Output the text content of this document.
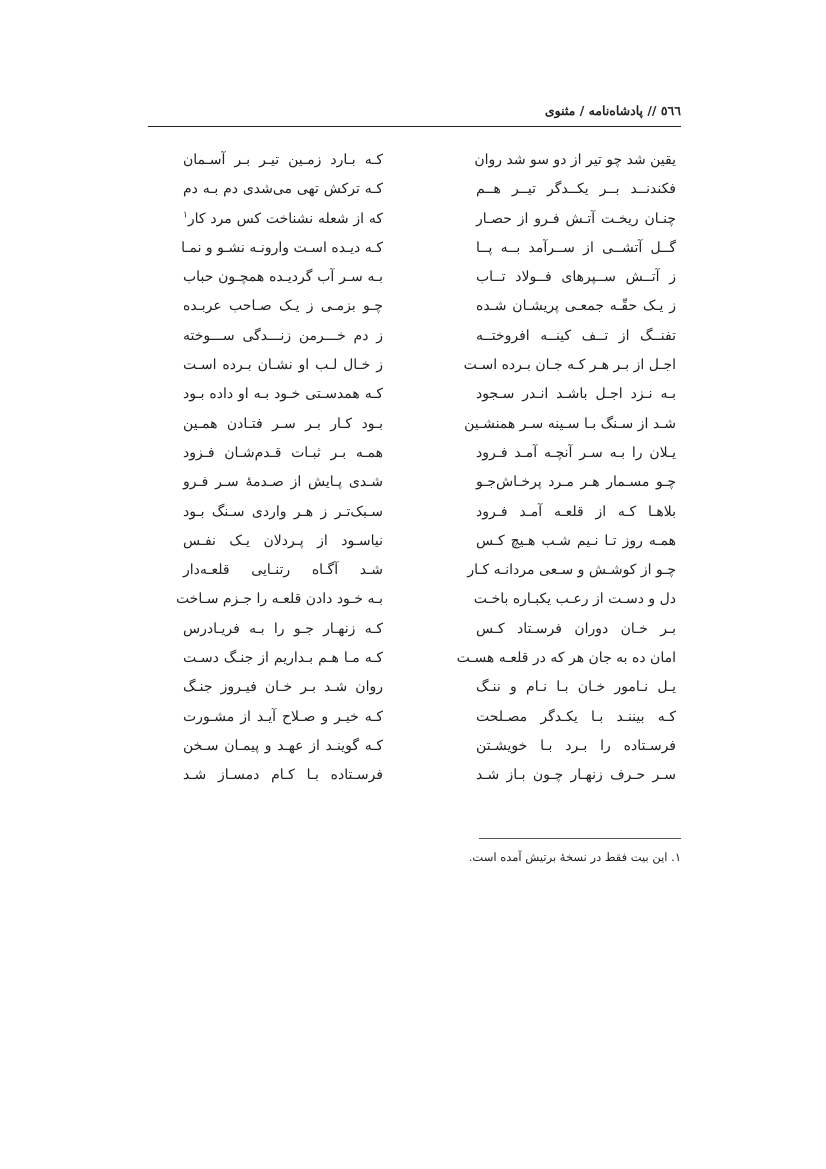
٥٦٦ // پادشاه‌نامه / مثنوی
یقین شد چو تیر از دو سو شد روان
کـه بـارد زمـین تیـر بـر آسـمان
فکندنــد بــر یکــدگر تیــر هــم
کـه ترکش تهی می‌شدی دم بـه دم
چنـان ریخـت آتـش فـرو از حصـار
که از شعله نشناخت کس مرد کار$^۱$
گــل آتشــی از ســرآمد بــه پــا
کـه دیـده اسـت وارونـه نشـو و نمـا
ز آتــش ســپرهای فــولاد تــاب
بـه سـر آب گردیـده همچـون حباب
ز یـک حقّـه جمعـی پریشـان شـده
چـو بزمـی ز یـک صـاحب عربـده
تفنــگ از تــف کینــه افروختــه
ز دم خـــرمن زنـــدگی ســـوخته
اجـل از بـر هـر کـه جـان بـرده اسـت
ز خـال لـب او نشـان بـرده اسـت
بـه نـزد اجـل باشـد انـدر سـجود
کـه همدسـتی خـود بـه او داده بـود
شـد از سـنگ بـا سـینه سـر همنشـین
بـود کـار بـر سـر فتـادن همـین
یـلان را بـه سـر آنچـه آمـد فـرود
همـه بـر ثبـات قـدم‌شـان فـزود
چـو مسـمار هـر مـرد پرخـاش‌جـو
شـدی پـایش از صـدمهٔ سـر فـرو
بلاهـا کـه از قلعـه آمـد فـرود
سـبک‌تـر ز هـر واردی سـنگ بـود
همـه روز تـا نـیم شـب هـیچ کـس
نیاسـود از پـردلان یـک نفـس
چـو از کوشـش و سـعی مردانـه کـار
شـد آگـاه رتنـایی قلعـه‌دار
دل و دسـت از رعـب یکبـاره باخـت
بـه خـود دادن قلعـه را جـزم سـاخت
بـر خـان دوران فرسـتاد کـس
کـه زنهـار جـو را بـه فریـادرس
امان ده به جان هر که در قلعـه هسـت
کـه مـا هـم بـداریم از جنـگ دسـت
یـل نـامور خـان بـا نـام و ننـگ
روان شـد بـر خـان فیـروز جنـگ
کـه بیننـد بـا یکـدگر مصـلحت
کـه خیـر و صـلاح آیـد از مشـورت
فرسـتاده را بـرد بـا خویشـتن
کـه گوینـد از عهـد و پیمـان سـخن
سـر حـرف زنهـار چـون بـاز شـد
فرسـتاده بـا کـام دمسـاز شـد
۱. این بیت فقط در نسخهٔ برتیش آمده است.
